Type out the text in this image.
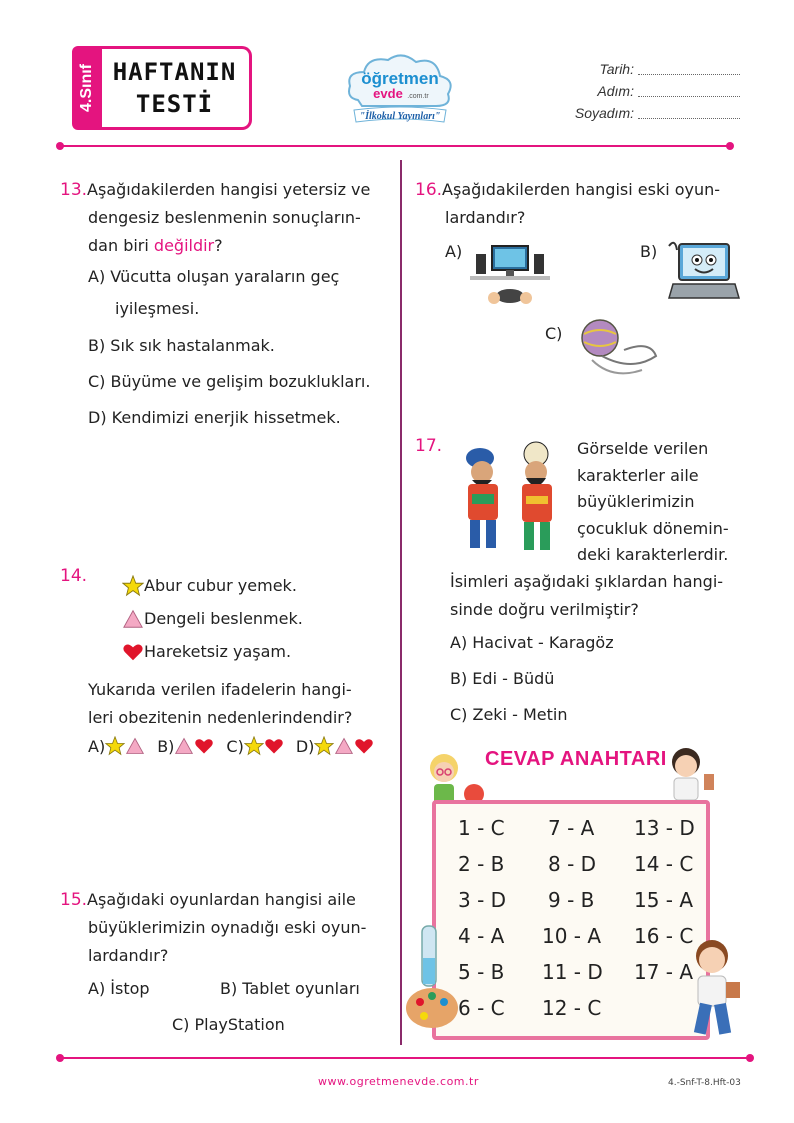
4.Sınıf HAFTANIN
TESTİ
öğretmen
evde .com.tr
"İlkokul Yayınları"
Tarih:
Adım:
Soyadım:
13.Aşağıdakilerden hangisi yetersiz ve
dengesiz beslenmenin sonuçların-
dan biri değildir?
A) Vücutta oluşan yaraların geç
iyileşmesi.
B) Sık sık hastalanmak.
C) Büyüme ve gelişim bozuklukları.
D) Kendimizi enerjik hissetmek.
14.	Abur cubur yemek.
Dengeli beslenmek.
Hareketsiz yaşam.
Yukarıda verilen ifadelerin hangi-
leri obezitenin nedenlerindendir?
A)	B)	C)	D)
15.Aşağıdaki oyunlardan hangisi aile
büyüklerimizin oynadığı eski oyun-
lardandır?
A) İstop	B) Tablet oyunları
C) PlayStation
16.Aşağıdakilerden hangisi eski oyun-
lardandır?
A)	B)
C)
17.	Görselde verilen
karakterler aile
büyüklerimizin
çocukluk dönemin-
deki karakterlerdir.
İsimleri aşağıdaki şıklardan hangi-
sinde doğru verilmiştir?
A) Hacivat - Karagöz
B) Edi - Büdü
C) Zeki - Metin
CEVAP ANAHTARI
1 - C 7 - A 13 - D
2 - B 8 - D 14 - C
3 - D 9 - B 15 - A
4 - A 10 - A 16 - C
5 - B 11 - D 17 - A
6 - C 12 - C
www.ogretmenevde.com.tr	4.-Snf-T-8.Hft-03
